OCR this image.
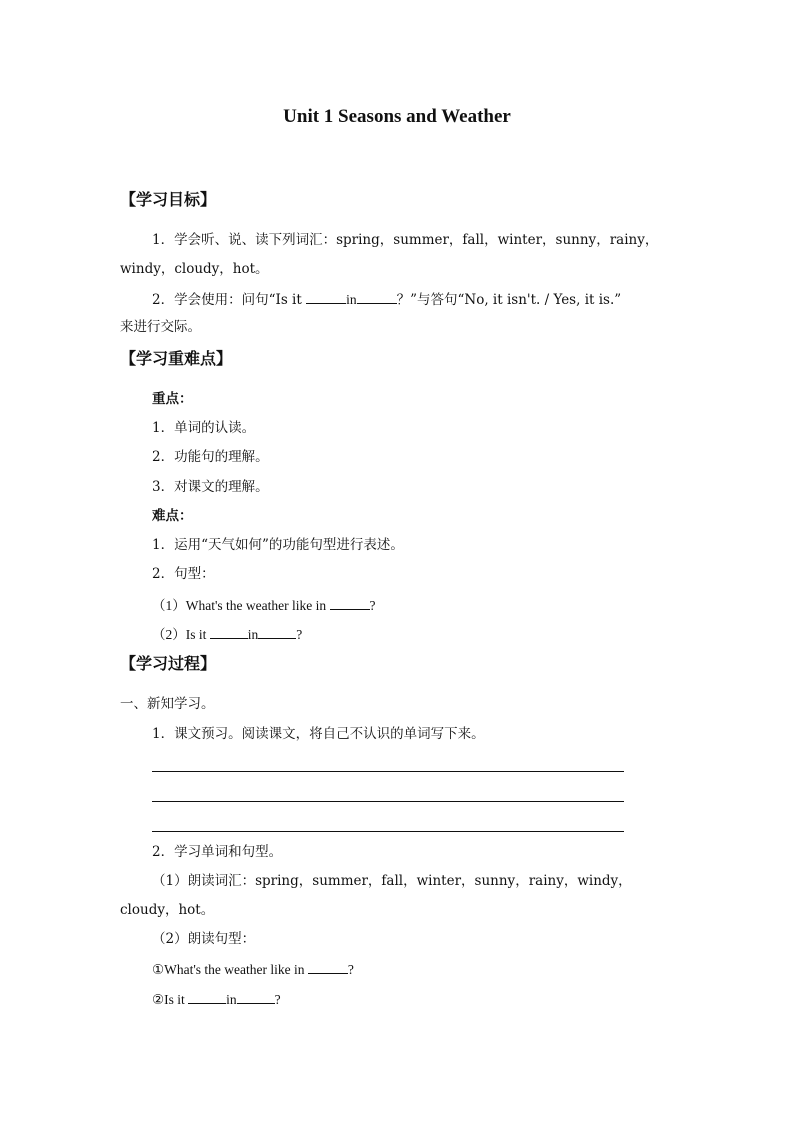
Unit 1 Seasons and Weather
【学习目标】
1．学会听、说、读下列词汇：spring，summer，fall，winter，sunny，rainy，
windy，cloudy，hot。
2．学会使用：问句“Is it	in	？”与答句“No, it isn't. / Yes, it is.”
来进行交际。
【学习重难点】
重点：
1．单词的认读。
2．功能句的理解。
3．对课文的理解。
难点：
1．运用“天气如何”的功能句型进行表述。
2．句型：
（1）What's the weather like in	?
（2）Is it	in	?
【学习过程】
一、新知学习。
1．课文预习。阅读课文，将自己不认识的单词写下来。
2．学习单词和句型。
（1）朗读词汇：spring，summer，fall，winter，sunny，rainy，windy，
cloudy，hot。
（2）朗读句型：
①What's the weather like in	?
②Is it	in	?
